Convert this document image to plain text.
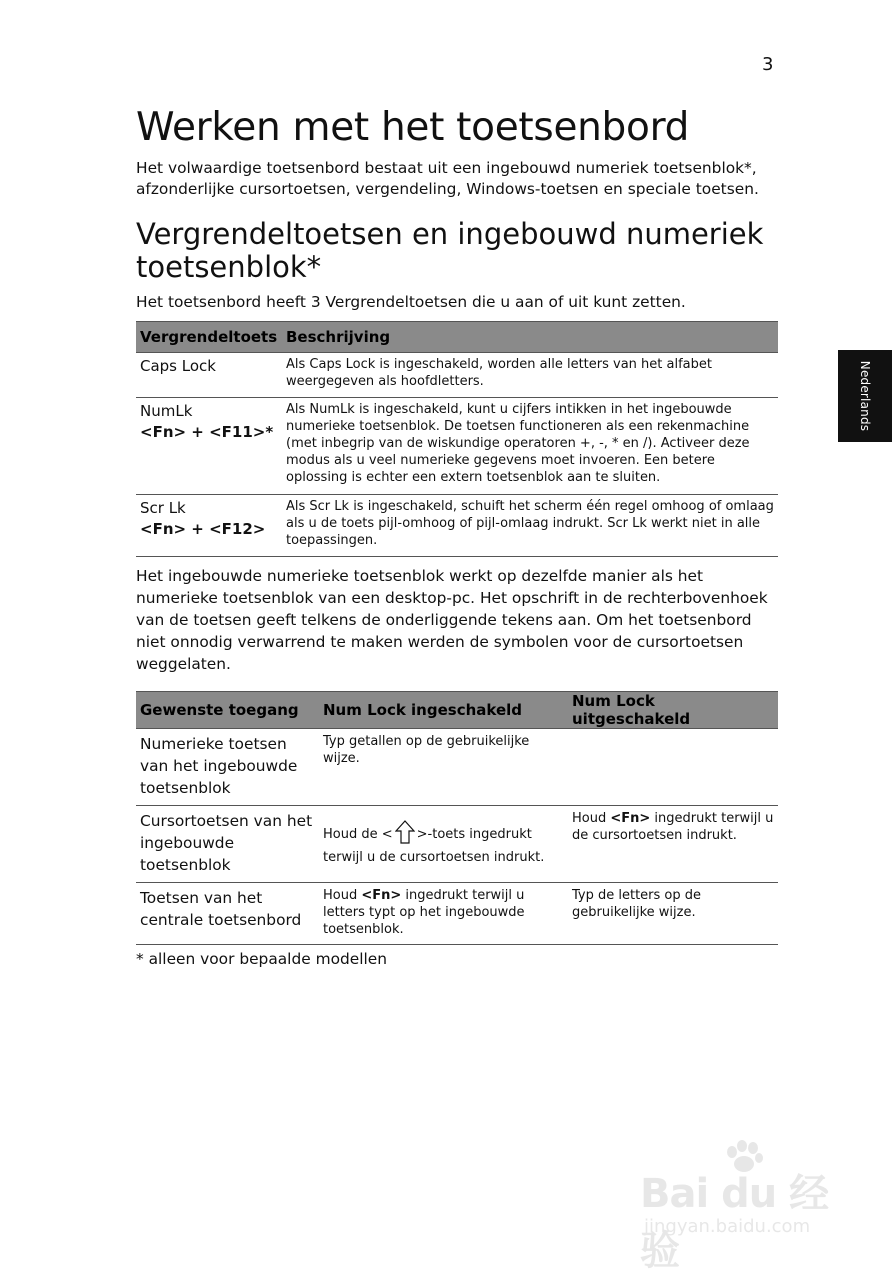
3
Nederlands
Werken met het toetsenbord

Het volwaardige toetsenbord bestaat uit een ingebouwd numeriek toetsenblok*, afzonderlijke cursortoetsen, vergendeling, Windows-toetsen en speciale toetsen.

Vergrendeltoetsen en ingebouwd numeriek toetsenblok*

Het toetsenbord heeft 3 Vergrendeltoetsen die u aan of uit kunt zetten.

Vergrendeltoets	Beschrijving

Caps Lock	Als Caps Lock is ingeschakeld, worden alle letters van het alfabet weergegeven als hoofdletters.

NumLk
<Fn> + <F11>*	Als NumLk is ingeschakeld, kunt u cijfers intikken in het ingebouwde numerieke toetsenblok. De toetsen functioneren als een rekenmachine (met inbegrip van de wiskundige operatoren +, -, * en /). Activeer deze modus als u veel numerieke gegevens moet invoeren. Een betere oplossing is echter een extern toetsenblok aan te sluiten.

Scr Lk
<Fn> + <F12>	Als Scr Lk is ingeschakeld, schuift het scherm één regel omhoog of omlaag als u de toets pijl-omhoog of pijl-omlaag indrukt. Scr Lk werkt niet in alle toepassingen.

Het ingebouwde numerieke toetsenblok werkt op dezelfde manier als het numerieke toetsenblok van een desktop-pc. Het opschrift in de rechterbovenhoek van de toetsen geeft telkens de onderliggende tekens aan. Om het toetsenbord niet onnodig verwarrend te maken werden de symbolen voor de cursortoetsen weggelaten.

Gewenste toegang	Num Lock ingeschakeld	Num Lock uitgeschakeld
Numerieke toetsen van het ingebouwde toetsenblok	Typ getallen op de gebruikelijke wijze.	
Cursortoetsen van het ingebouwde toetsenblok	Houd de < >-toets ingedrukt terwijl u de cursortoetsen indrukt.	Houd <Fn> ingedrukt terwijl u de cursortoetsen indrukt.
Toetsen van het centrale toetsenbord	Houd <Fn> ingedrukt terwijl u letters typt op het ingebouwde toetsenblok.	Typ de letters op de gebruikelijke wijze.

* alleen voor bepaalde modellen

Bai du 经验
jingyan.baidu.com
